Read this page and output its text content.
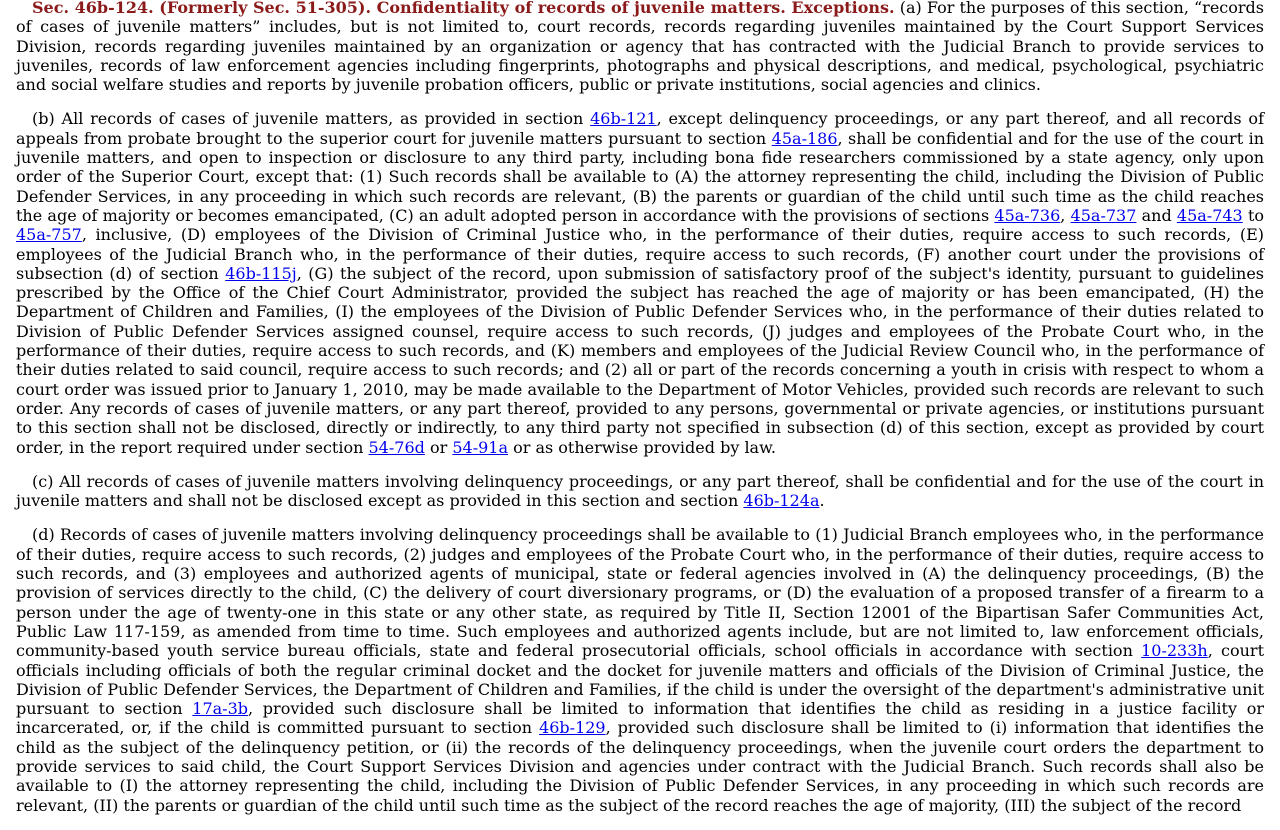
Sec. 46b-124. (Formerly Sec. 51-305). Confidentiality of records of juvenile matters. Exceptions. (a) For the purposes of this section, “records of cases of juvenile matters” includes, but is not limited to, court records, records regarding juveniles maintained by the Court Support Services Division, records regarding juveniles maintained by an organization or agency that has contracted with the Judicial Branch to provide services to juveniles, records of law enforcement agencies including fingerprints, photographs and physical descriptions, and medical, psychological, psychiatric and social welfare studies and reports by juvenile probation officers, public or private institutions, social agencies and clinics.

(b) All records of cases of juvenile matters, as provided in section 46b-121, except delinquency proceedings, or any part thereof, and all records of appeals from probate brought to the superior court for juvenile matters pursuant to section 45a-186, shall be confidential and for the use of the court in juvenile matters, and open to inspection or disclosure to any third party, including bona fide researchers commissioned by a state agency, only upon order of the Superior Court, except that: (1) Such records shall be available to (A) the attorney representing the child, including the Division of Public Defender Services, in any proceeding in which such records are relevant, (B) the parents or guardian of the child until such time as the child reaches the age of majority or becomes emancipated, (C) an adult adopted person in accordance with the provisions of sections 45a-736, 45a-737 and 45a-743 to 45a-757, inclusive, (D) employees of the Division of Criminal Justice who, in the performance of their duties, require access to such records, (E) employees of the Judicial Branch who, in the performance of their duties, require access to such records, (F) another court under the provisions of subsection (d) of section 46b-115j, (G) the subject of the record, upon submission of satisfactory proof of the subject's identity, pursuant to guidelines prescribed by the Office of the Chief Court Administrator, provided the subject has reached the age of majority or has been emancipated, (H) the Department of Children and Families, (I) the employees of the Division of Public Defender Services who, in the performance of their duties related to Division of Public Defender Services assigned counsel, require access to such records, (J) judges and employees of the Probate Court who, in the performance of their duties, require access to such records, and (K) members and employees of the Judicial Review Council who, in the performance of their duties related to said council, require access to such records; and (2) all or part of the records concerning a youth in crisis with respect to whom a court order was issued prior to January 1, 2010, may be made available to the Department of Motor Vehicles, provided such records are relevant to such order. Any records of cases of juvenile matters, or any part thereof, provided to any persons, governmental or private agencies, or institutions pursuant to this section shall not be disclosed, directly or indirectly, to any third party not specified in subsection (d) of this section, except as provided by court order, in the report required under section 54-76d or 54-91a or as otherwise provided by law.

(c) All records of cases of juvenile matters involving delinquency proceedings, or any part thereof, shall be confidential and for the use of the court in juvenile matters and shall not be disclosed except as provided in this section and section 46b-124a.

(d) Records of cases of juvenile matters involving delinquency proceedings shall be available to (1) Judicial Branch employees who, in the performance of their duties, require access to such records, (2) judges and employees of the Probate Court who, in the performance of their duties, require access to such records, and (3) employees and authorized agents of municipal, state or federal agencies involved in (A) the delinquency proceedings, (B) the provision of services directly to the child, (C) the delivery of court diversionary programs, or (D) the evaluation of a proposed transfer of a firearm to a person under the age of twenty-one in this state or any other state, as required by Title II, Section 12001 of the Bipartisan Safer Communities Act, Public Law 117-159, as amended from time to time. Such employees and authorized agents include, but are not limited to, law enforcement officials, community-based youth service bureau officials, state and federal prosecutorial officials, school officials in accordance with section 10-233h, court officials including officials of both the regular criminal docket and the docket for juvenile matters and officials of the Division of Criminal Justice, the Division of Public Defender Services, the Department of Children and Families, if the child is under the oversight of the department's administrative unit pursuant to section 17a-3b, provided such disclosure shall be limited to information that identifies the child as residing in a justice facility or incarcerated, or, if the child is committed pursuant to section 46b-129, provided such disclosure shall be limited to (i) information that identifies the child as the subject of the delinquency petition, or (ii) the records of the delinquency proceedings, when the juvenile court orders the department to provide services to said child, the Court Support Services Division and agencies under contract with the Judicial Branch. Such records shall also be available to (I) the attorney representing the child, including the Division of Public Defender Services, in any proceeding in which such records are relevant, (II) the parents or guardian of the child until such time as the subject of the record reaches the age of majority, (III) the subject of the record
